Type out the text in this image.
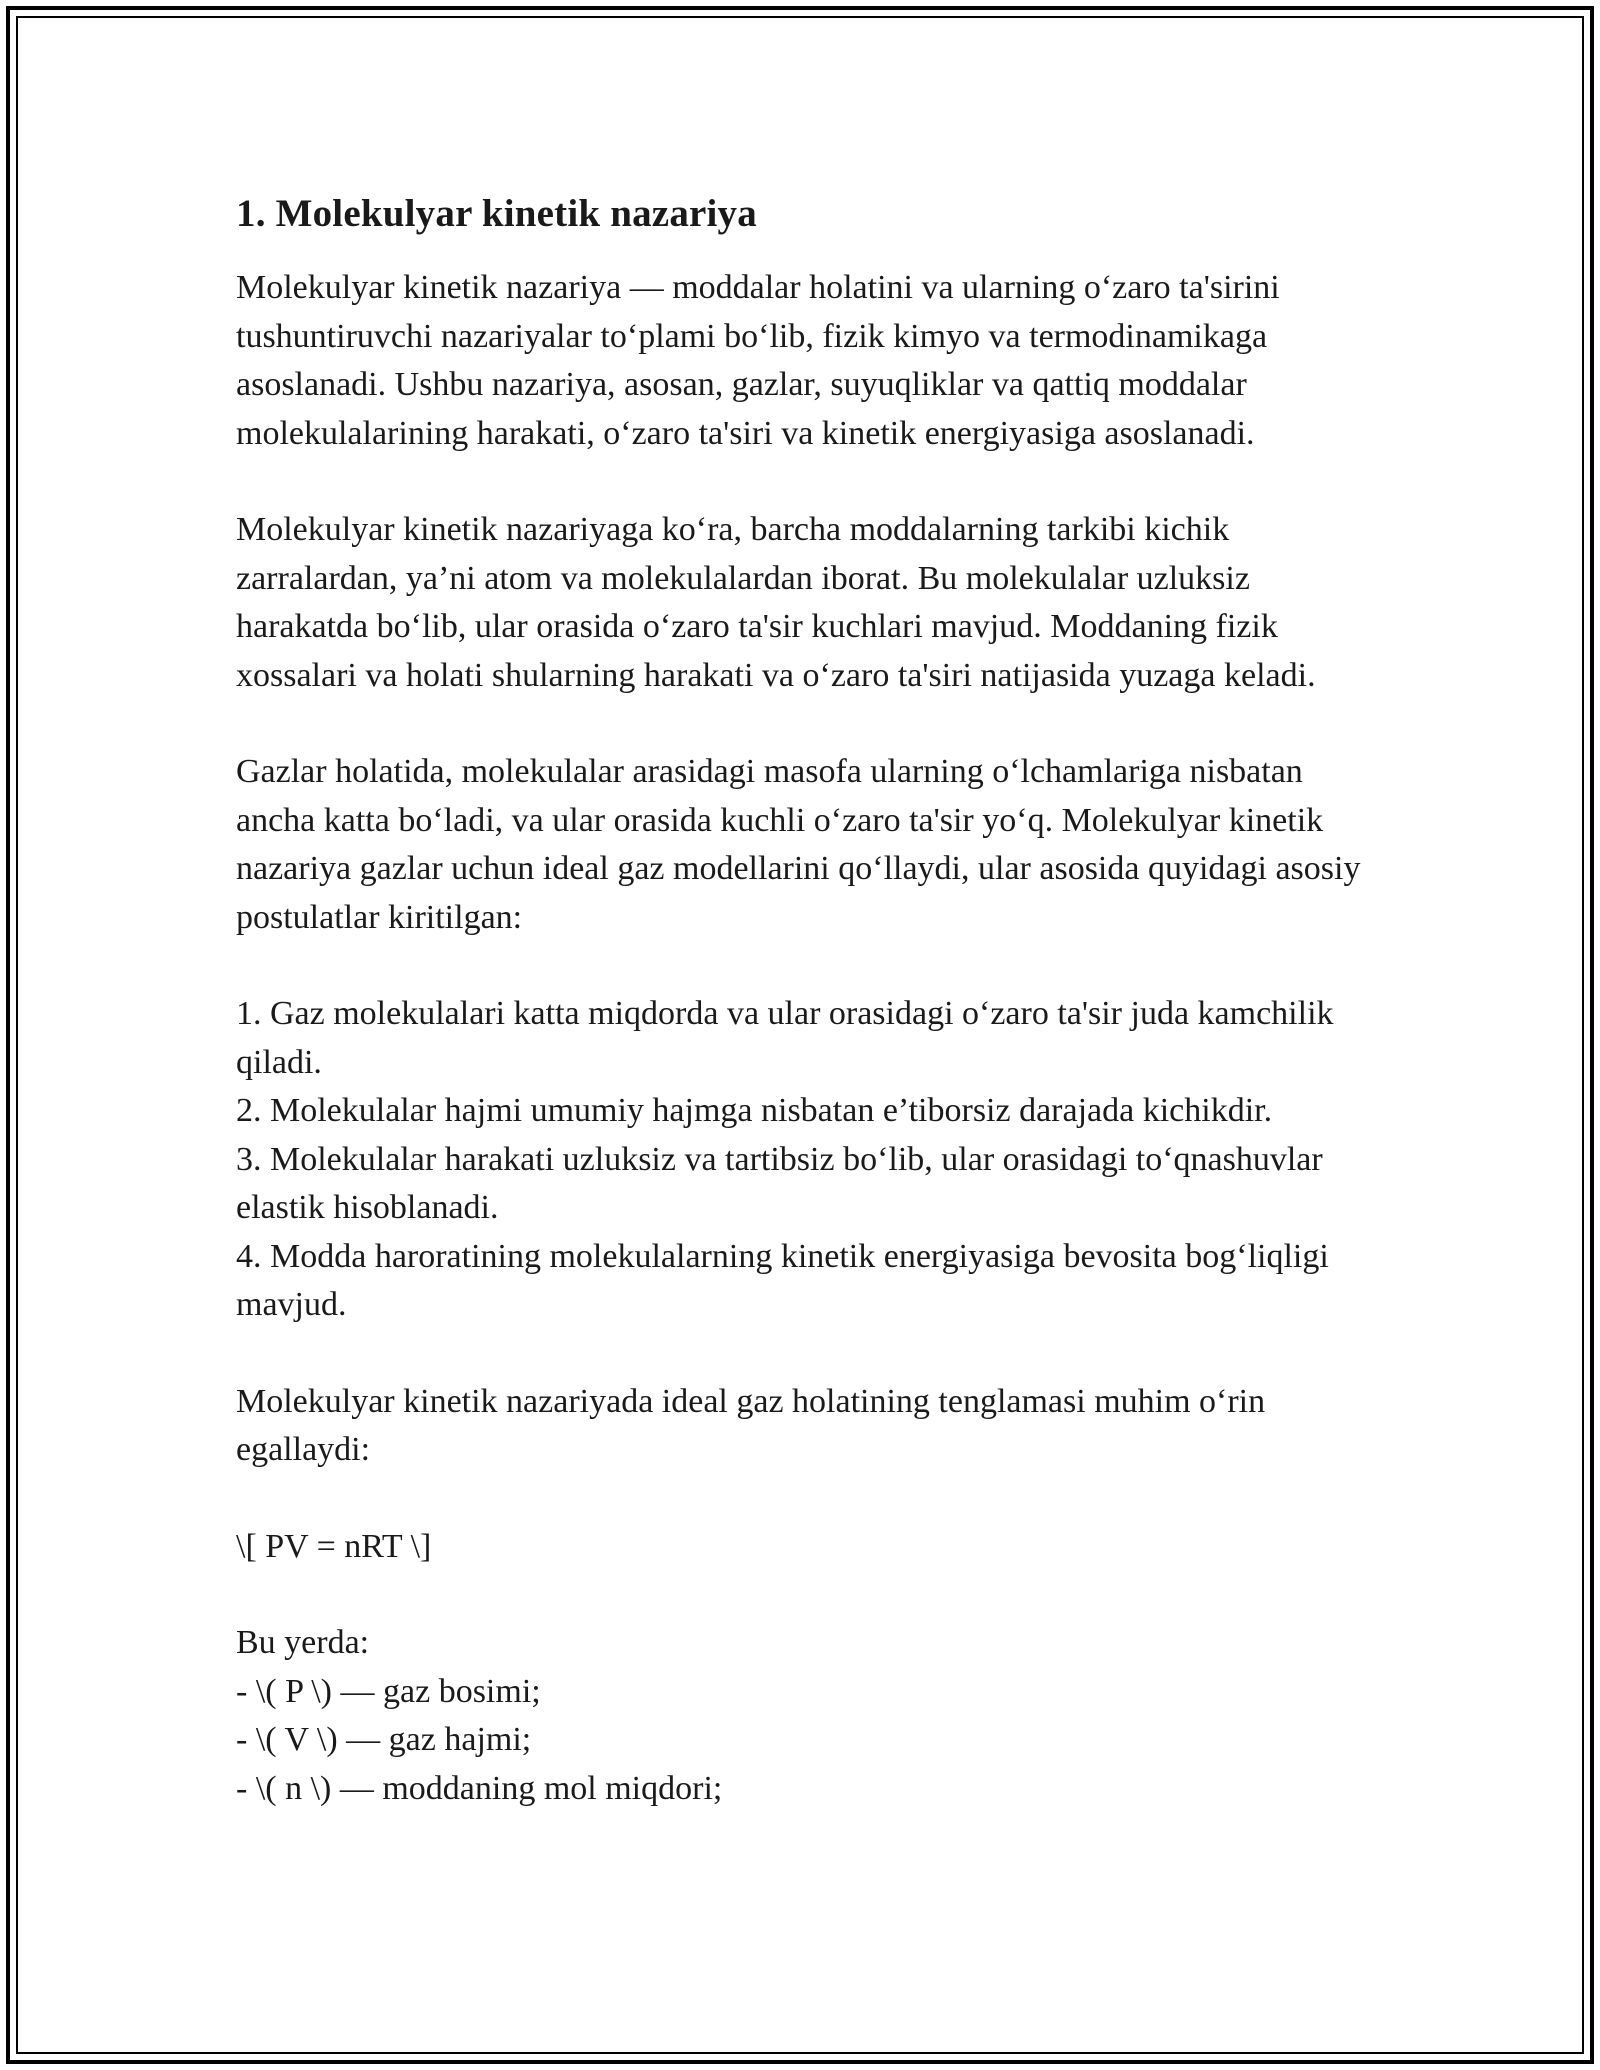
1. Molekulyar kinetik nazariya

Molekulyar kinetik nazariya — moddalar holatini va ularning o‘zaro ta'sirini tushuntiruvchi nazariyalar to‘plami bo‘lib, fizik kimyo va termodinamikaga asoslanadi. Ushbu nazariya, asosan, gazlar, suyuqliklar va qattiq moddalar molekulalarining harakati, o‘zaro ta'siri va kinetik energiyasiga asoslanadi.

Molekulyar kinetik nazariyaga ko‘ra, barcha moddalarning tarkibi kichik zarralardan, ya’ni atom va molekulalardan iborat. Bu molekulalar uzluksiz harakatda bo‘lib, ular orasida o‘zaro ta'sir kuchlari mavjud. Moddaning fizik xossalari va holati shularning harakati va o‘zaro ta'siri natijasida yuzaga keladi.

Gazlar holatida, molekulalar arasidagi masofa ularning o‘lchamlariga nisbatan ancha katta bo‘ladi, va ular orasida kuchli o‘zaro ta'sir yo‘q. Molekulyar kinetik nazariya gazlar uchun ideal gaz modellarini qo‘llaydi, ular asosida quyidagi asosiy postulatlar kiritilgan:

1. Gaz molekulalari katta miqdorda va ular orasidagi o‘zaro ta'sir juda kamchilik qiladi.
2. Molekulalar hajmi umumiy hajmga nisbatan e’tiborsiz darajada kichikdir.
3. Molekulalar harakati uzluksiz va tartibsiz bo‘lib, ular orasidagi to‘qnashuvlar elastik hisoblanadi.
4. Modda haroratining molekulalarning kinetik energiyasiga bevosita bog‘liqligi mavjud.

Molekulyar kinetik nazariyada ideal gaz holatining tenglamasi muhim o‘rin egallaydi:

\[ PV = nRT \]

Bu yerda:
- \( P \) — gaz bosimi;
- \( V \) — gaz hajmi;
- \( n \) — moddaning mol miqdori;
